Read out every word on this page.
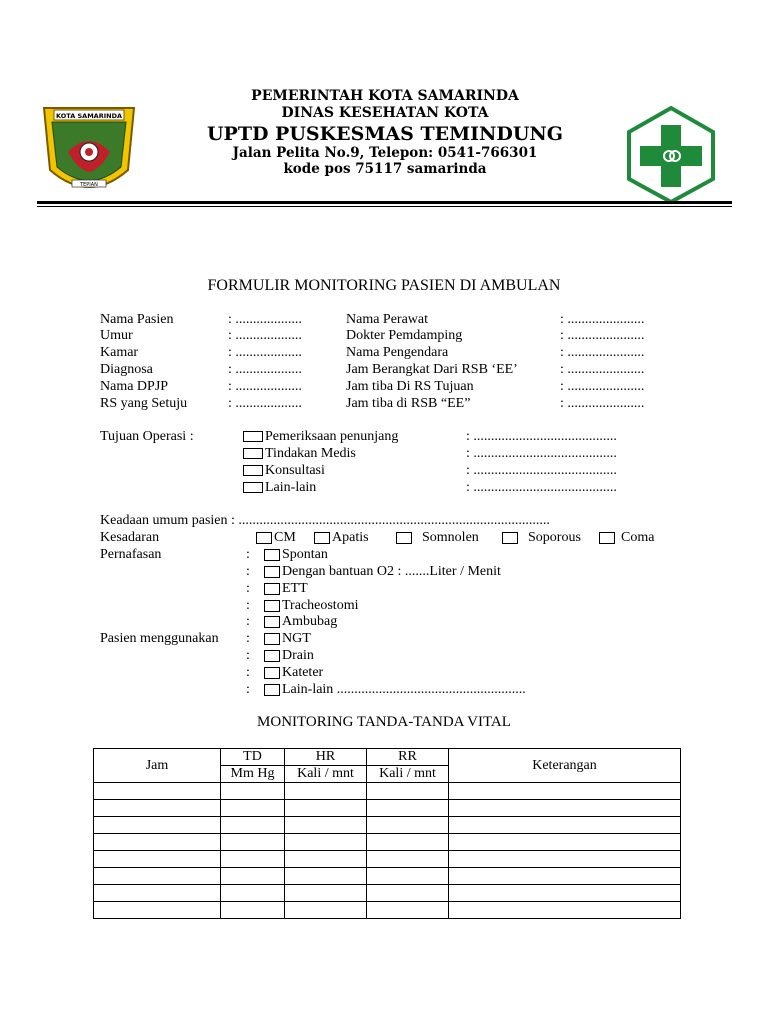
KOTA SAMARINDA
TEPIAN
PEMERINTAH KOTA SAMARINDA
DINAS KESEHATAN KOTA
UPTD PUSKESMAS TEMINDUNG
Jalan Pelita No.9, Telepon: 0541-766301
kode pos 75117 samarinda
FORMULIR MONITORING PASIEN DI AMBULAN
Nama Pasien	: ...................
Umur	: ...................
Kamar	: ...................
Diagnosa	: ...................
Nama DPJP	: ...................
RS yang Setuju	: ...................
Nama Perawat	: ......................
Dokter Pemdamping	: ......................
Nama Pengendara	: ......................
Jam Berangkat Dari RSB ‘EE’	: ......................
Jam tiba Di RS Tujuan	: ......................
Jam tiba di RSB “EE”	: ......................
Tujuan Operasi :	Pemeriksaan penunjang	: .........................................
Tindakan Medis	: .........................................
Konsultasi	: .........................................
Lain-lain	: .........................................
Keadaan umum pasien : .........................................................................................
Kesadaran	CM	Apatis	Somnolen	Soporous	Coma
Pernafasan	:	Spontan
:	Dengan bantuan O2 : .......Liter / Menit
:	ETT
:	Tracheostomi
:	Ambubag
Pasien menggunakan :	NGT
:	Drain
:	Kateter
:	Lain-lain ......................................................
MONITORING TANDA-TANDA VITAL
Jam	TD	HR	RR	Keterangan
	Mm Hg	Kali / mnt	Kali / mnt	
